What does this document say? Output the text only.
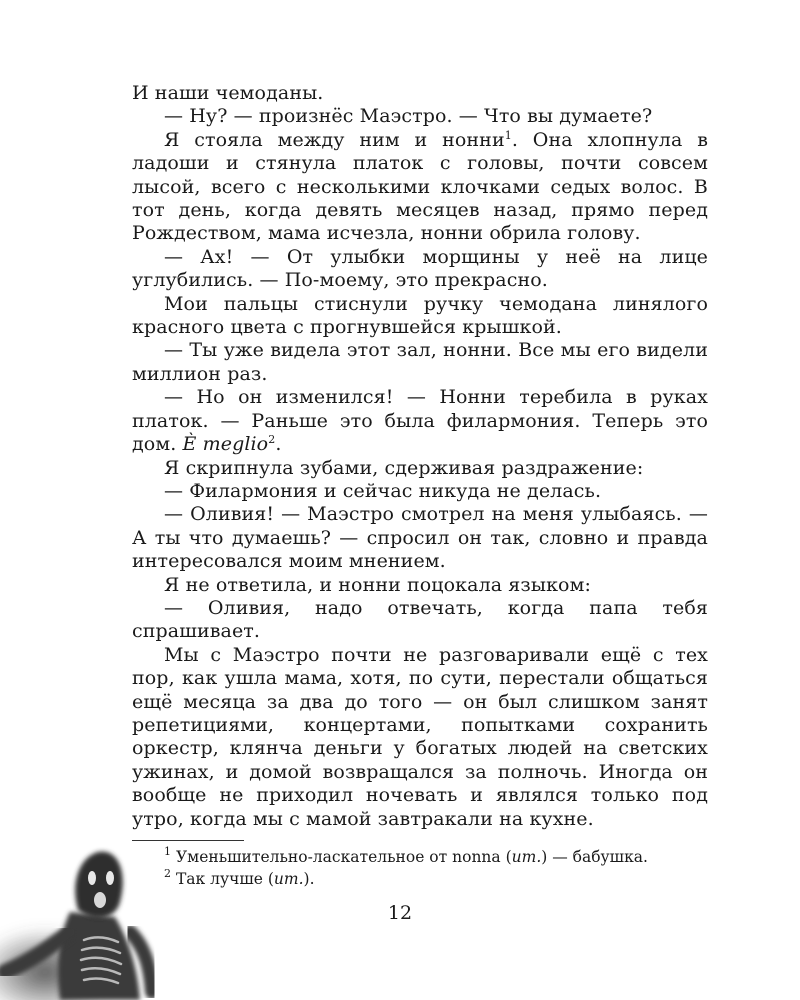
И наши чемоданы.

— Ну? — произнёс Маэстро. — Что вы думаете?

Я стояла между ним и нонни$^1$. Она хлопнула в ладоши и стянула платок с головы, почти совсем лысой, всего с несколькими клочками седых волос. В тот день, когда девять месяцев назад, прямо перед Рождеством, мама исчезла, нонни обрила голову.

— Ах! — От улыбки морщины у неё на лице углубились. — По-моему, это прекрасно.

Мои пальцы стиснули ручку чемодана линялого красного цвета с прогнувшейся крышкой.

— Ты уже видела этот зал, нонни. Все мы его видели миллион раз.

— Но он изменился! — Нонни теребила в руках платок. — Раньше это была филармония. Теперь это дом. È meglio$^2$.

Я скрипнула зубами, сдерживая раздражение:

— Филармония и сейчас никуда не делась.

— Оливия! — Маэстро смотрел на меня улыбаясь. — А ты что думаешь? — спросил он так, словно и правда интересовался моим мнением.

Я не ответила, и нонни поцокала языком:

— Оливия, надо отвечать, когда папа тебя спрашивает.

Мы с Маэстро почти не разговаривали ещё с тех пор, как ушла мама, хотя, по сути, перестали общаться ещё месяца за два до того — он был слишком занят репетициями, концертами, попытками сохранить оркестр, клянча деньги у богатых людей на светских ужинах, и домой возвращался за полночь. Иногда он вообще не приходил ночевать и являлся только под утро, когда мы с мамой завтракали на кухне.

$^1$ Уменьшительно-ласкательное от nonna (ит.) — бабушка.

$^2$ Так лучше (ит.).

12
